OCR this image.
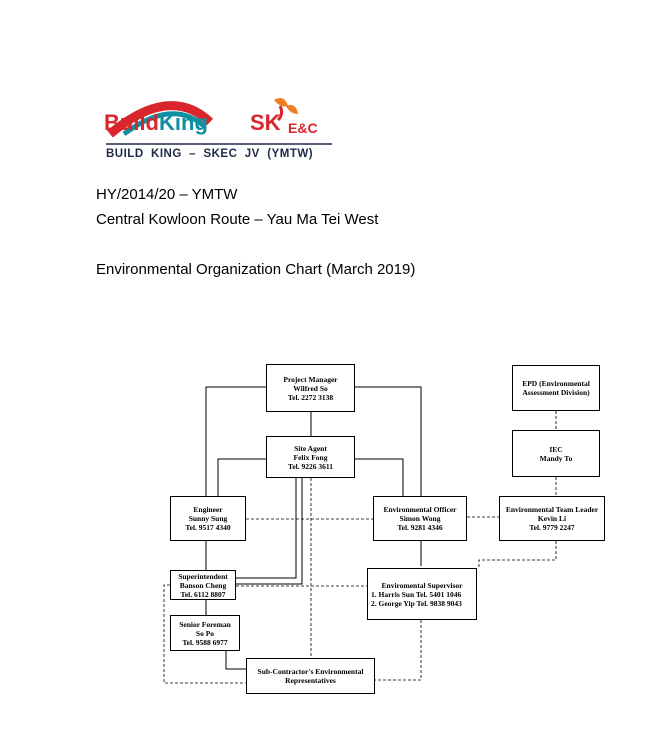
BuildKing SK E&C
BUILD  KING  –  SKEC  JV  (YMTW)
HY/2014/20 – YMTW
Central Kowloon Route – Yau Ma Tei West
Environmental Organization Chart (March 2019)
Project Manager
Wilfred So
Tel. 2272 3138
Site Agent
Felix Fong
Tel. 9226 3611
Engineer
Sunny Sung
Tel. 9517 4340
Environmental Officer
Simon Wong
Tel. 9281 4346
EPD (Environmental
Assessment Division)
IEC
Mandy To
Environmental Team Leader
Kevin Li
Tel. 9779 2247
Superintendent
Banson Cheng
Tel. 6112 8807
Enviromental Supervisor
1. Harris Sun Tel. 5401 1046
2. George Yip Tel. 9838 9043
Senior Foreman
So Po
Tel. 9588 6977
Sub-Contractor's Environmental
Representatives
